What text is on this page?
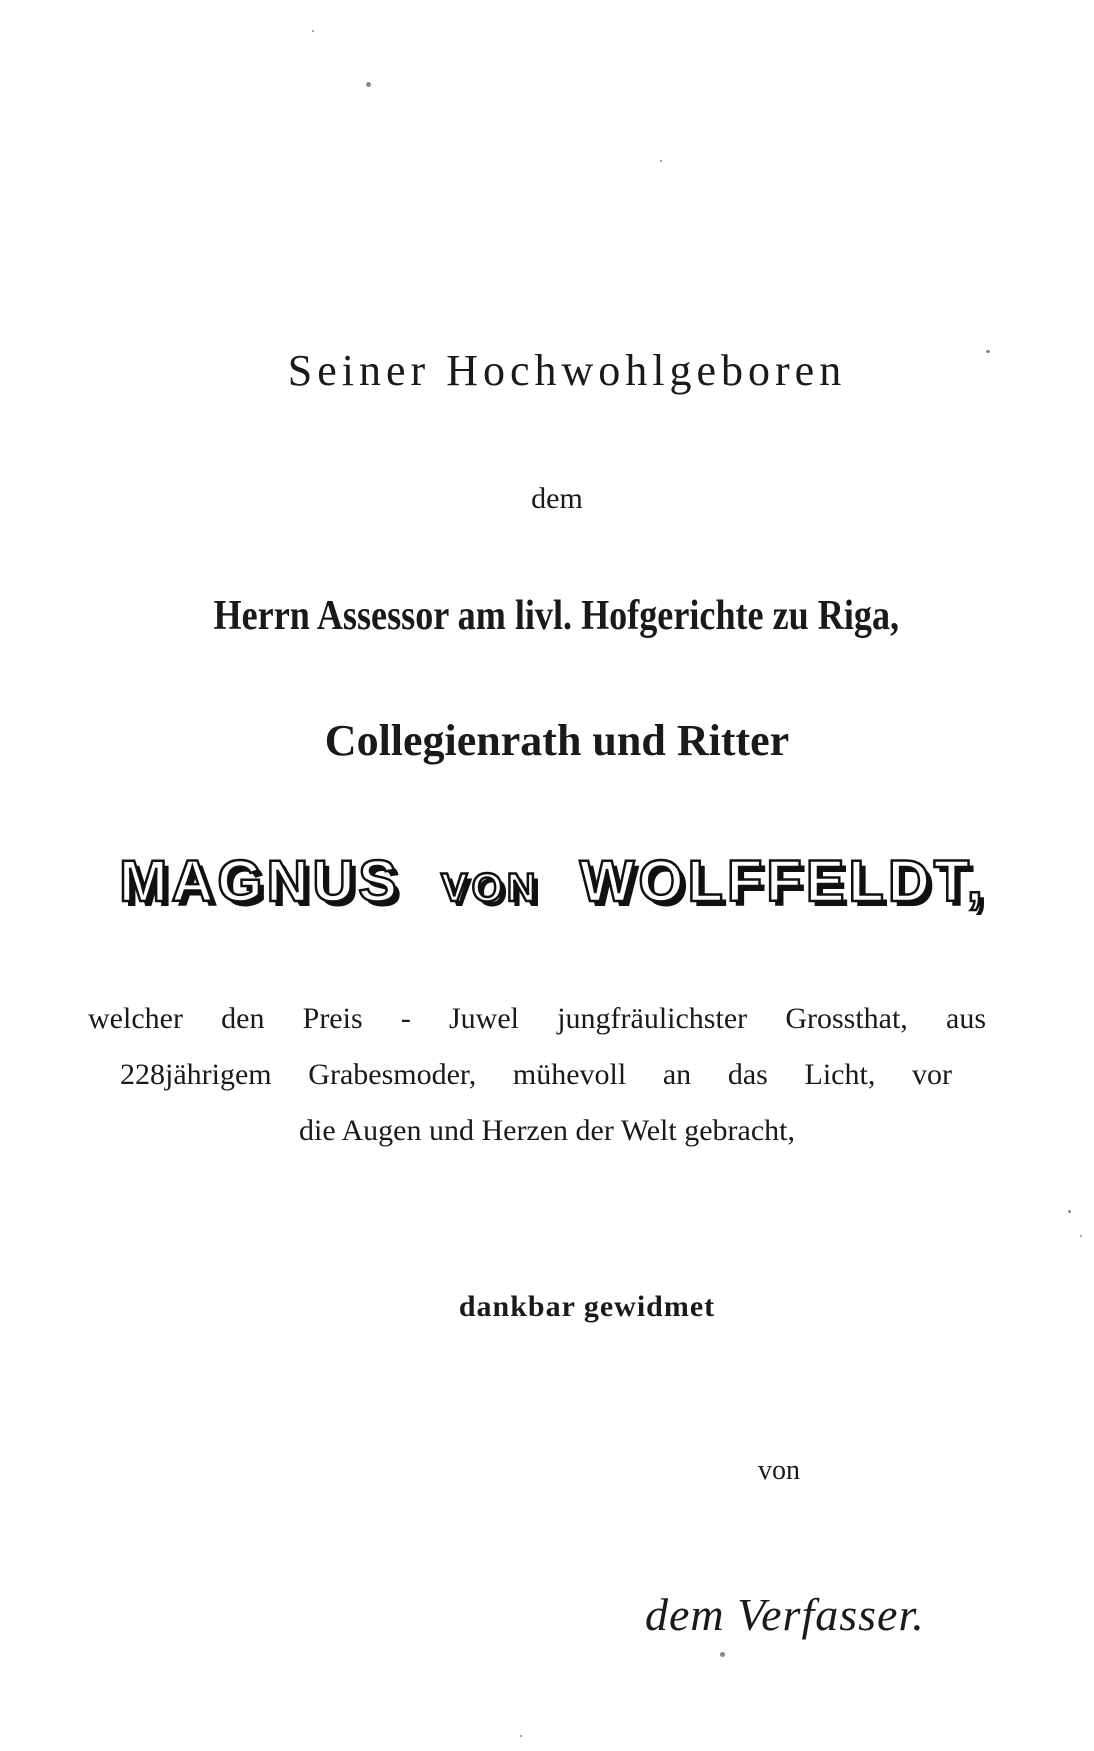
Seiner Hochwohlgeboren
dem
Herrn Assessor am livl. Hofgerichte zu Riga,
Collegienrath und Ritter
MAGNUS VON WOLFFELDT,
welcher den Preis - Juwel jungfräulichster Grossthat, aus
228jährigem Grabesmoder, mühevoll an das Licht, vor
die Augen und Herzen der Welt gebracht,
dankbar gewidmet
von
dem Verfasser.
